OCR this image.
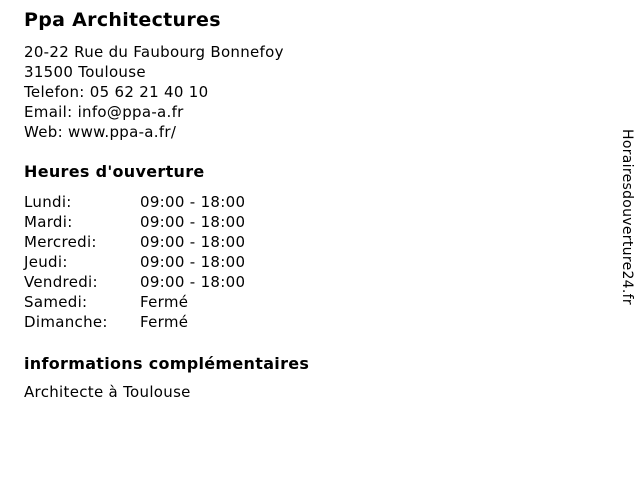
Ppa Architectures
20-22 Rue du Faubourg Bonnefoy
31500 Toulouse
Telefon: 05 62 21 40 10
Email: info@ppa-a.fr
Web: www.ppa-a.fr/
Heures d'ouverture
Lundi:	09:00 - 18:00
Mardi:	09:00 - 18:00
Mercredi:	09:00 - 18:00
Jeudi:	09:00 - 18:00
Vendredi:	09:00 - 18:00
Samedi:	Fermé
Dimanche:	Fermé
informations complémentaires
Architecte à Toulouse
Horairesdouverture24.fr
